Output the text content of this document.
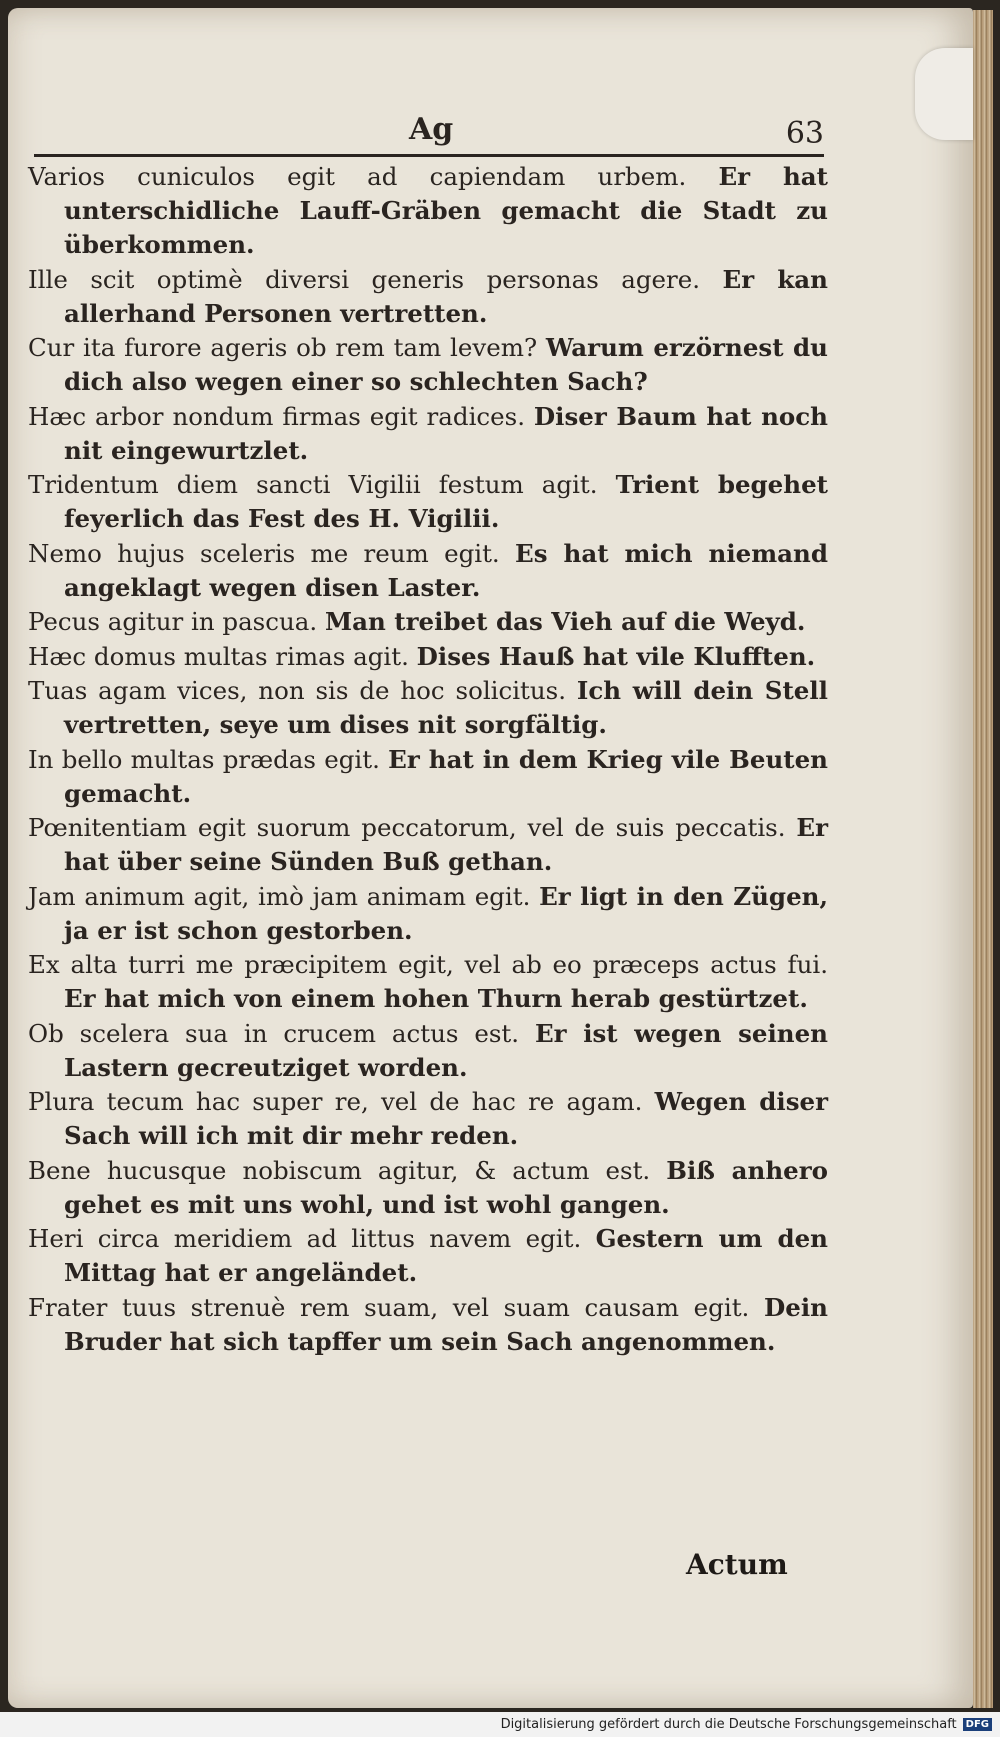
Ag	63

Varios cuniculos egit ad capiendam urbem. Er hat unterschidliche Lauff-Gräben gemacht die Stadt zu überkommen.

Ille scit optimè diversi generis personas agere. Er kan allerhand Personen vertretten.

Cur ita furore ageris ob rem tam levem? Warum erzörnest du dich also wegen einer so schlechten Sach?

Hæc arbor nondum firmas egit radices. Diser Baum hat noch nit eingewurtzlet.

Tridentum diem sancti Vigilii festum agit. Trient begehet feyerlich das Fest des H. Vigilii.

Nemo hujus sceleris me reum egit. Es hat mich niemand angeklagt wegen disen Laster.

Pecus agitur in pascua. Man treibet das Vieh auf die Weyd.

Hæc domus multas rimas agit. Dises Hauß hat vile Klufften.

Tuas agam vices, non sis de hoc solicitus. Ich will dein Stell vertretten, seye um dises nit sorgfältig.

In bello multas prædas egit. Er hat in dem Krieg vile Beuten gemacht.

Pœnitentiam egit suorum peccatorum, vel de suis peccatis. Er hat über seine Sünden Buß gethan.

Jam animum agit, imò jam animam egit. Er ligt in den Zügen, ja er ist schon gestorben.

Ex alta turri me præcipitem egit, vel ab eo præceps actus fui. Er hat mich von einem hohen Thurn herab gestürtzet.

Ob scelera sua in crucem actus est. Er ist wegen seinen Lastern gecreutziget worden.

Plura tecum hac super re, vel de hac re agam. Wegen diser Sach will ich mit dir mehr reden.

Bene hucusque nobiscum agitur, & actum est. Biß anhero gehet es mit uns wohl, und ist wohl gangen.

Heri circa meridiem ad littus navem egit. Gestern um den Mittag hat er angeländet.

Frater tuus strenuè rem suam, vel suam causam egit. Dein Bruder hat sich tapffer um sein Sach angenommen.

Actum
Digitalisierung gefördert durch die Deutsche Forschungsgemeinschaft DFG
